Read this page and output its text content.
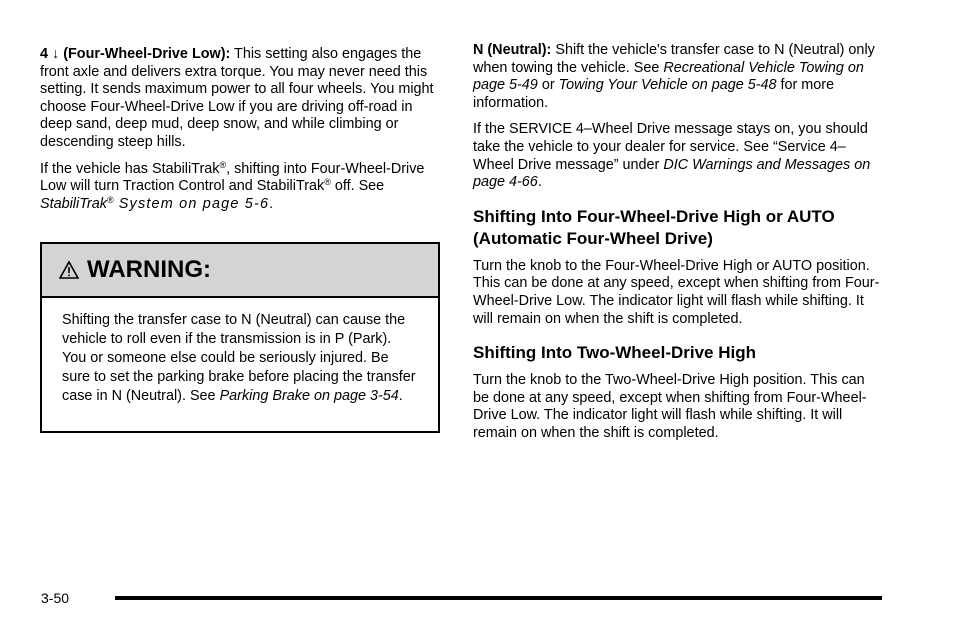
4 ↓ (Four-Wheel-Drive Low): This setting also engages the front axle and delivers extra torque. You may never need this setting. It sends maximum power to all four wheels. You might choose Four-Wheel-Drive Low if you are driving off-road in deep sand, deep mud, deep snow, and while climbing or descending steep hills.

If the vehicle has StabiliTrak®, shifting into Four-Wheel-Drive Low will turn Traction Control and StabiliTrak® off. See StabiliTrak® System on page 5-6.

WARNING:
Shifting the transfer case to N (Neutral) can cause the vehicle to roll even if the transmission is in P (Park). You or someone else could be seriously injured. Be sure to set the parking brake before placing the transfer case in N (Neutral). See Parking Brake on page 3-54.

N (Neutral): Shift the vehicle's transfer case to N (Neutral) only when towing the vehicle. See Recreational Vehicle Towing on page 5-49 or Towing Your Vehicle on page 5-48 for more information.

If the SERVICE 4–Wheel Drive message stays on, you should take the vehicle to your dealer for service. See “Service 4–Wheel Drive message” under DIC Warnings and Messages on page 4-66.

Shifting Into Four-Wheel-Drive High or AUTO (Automatic Four-Wheel Drive)

Turn the knob to the Four-Wheel-Drive High or AUTO position. This can be done at any speed, except when shifting from Four-Wheel-Drive Low. The indicator light will flash while shifting. It will remain on when the shift is completed.

Shifting Into Two-Wheel-Drive High

Turn the knob to the Two-Wheel-Drive High position. This can be done at any speed, except when shifting from Four-Wheel-Drive Low. The indicator light will flash while shifting. It will remain on when the shift is completed.

3-50
